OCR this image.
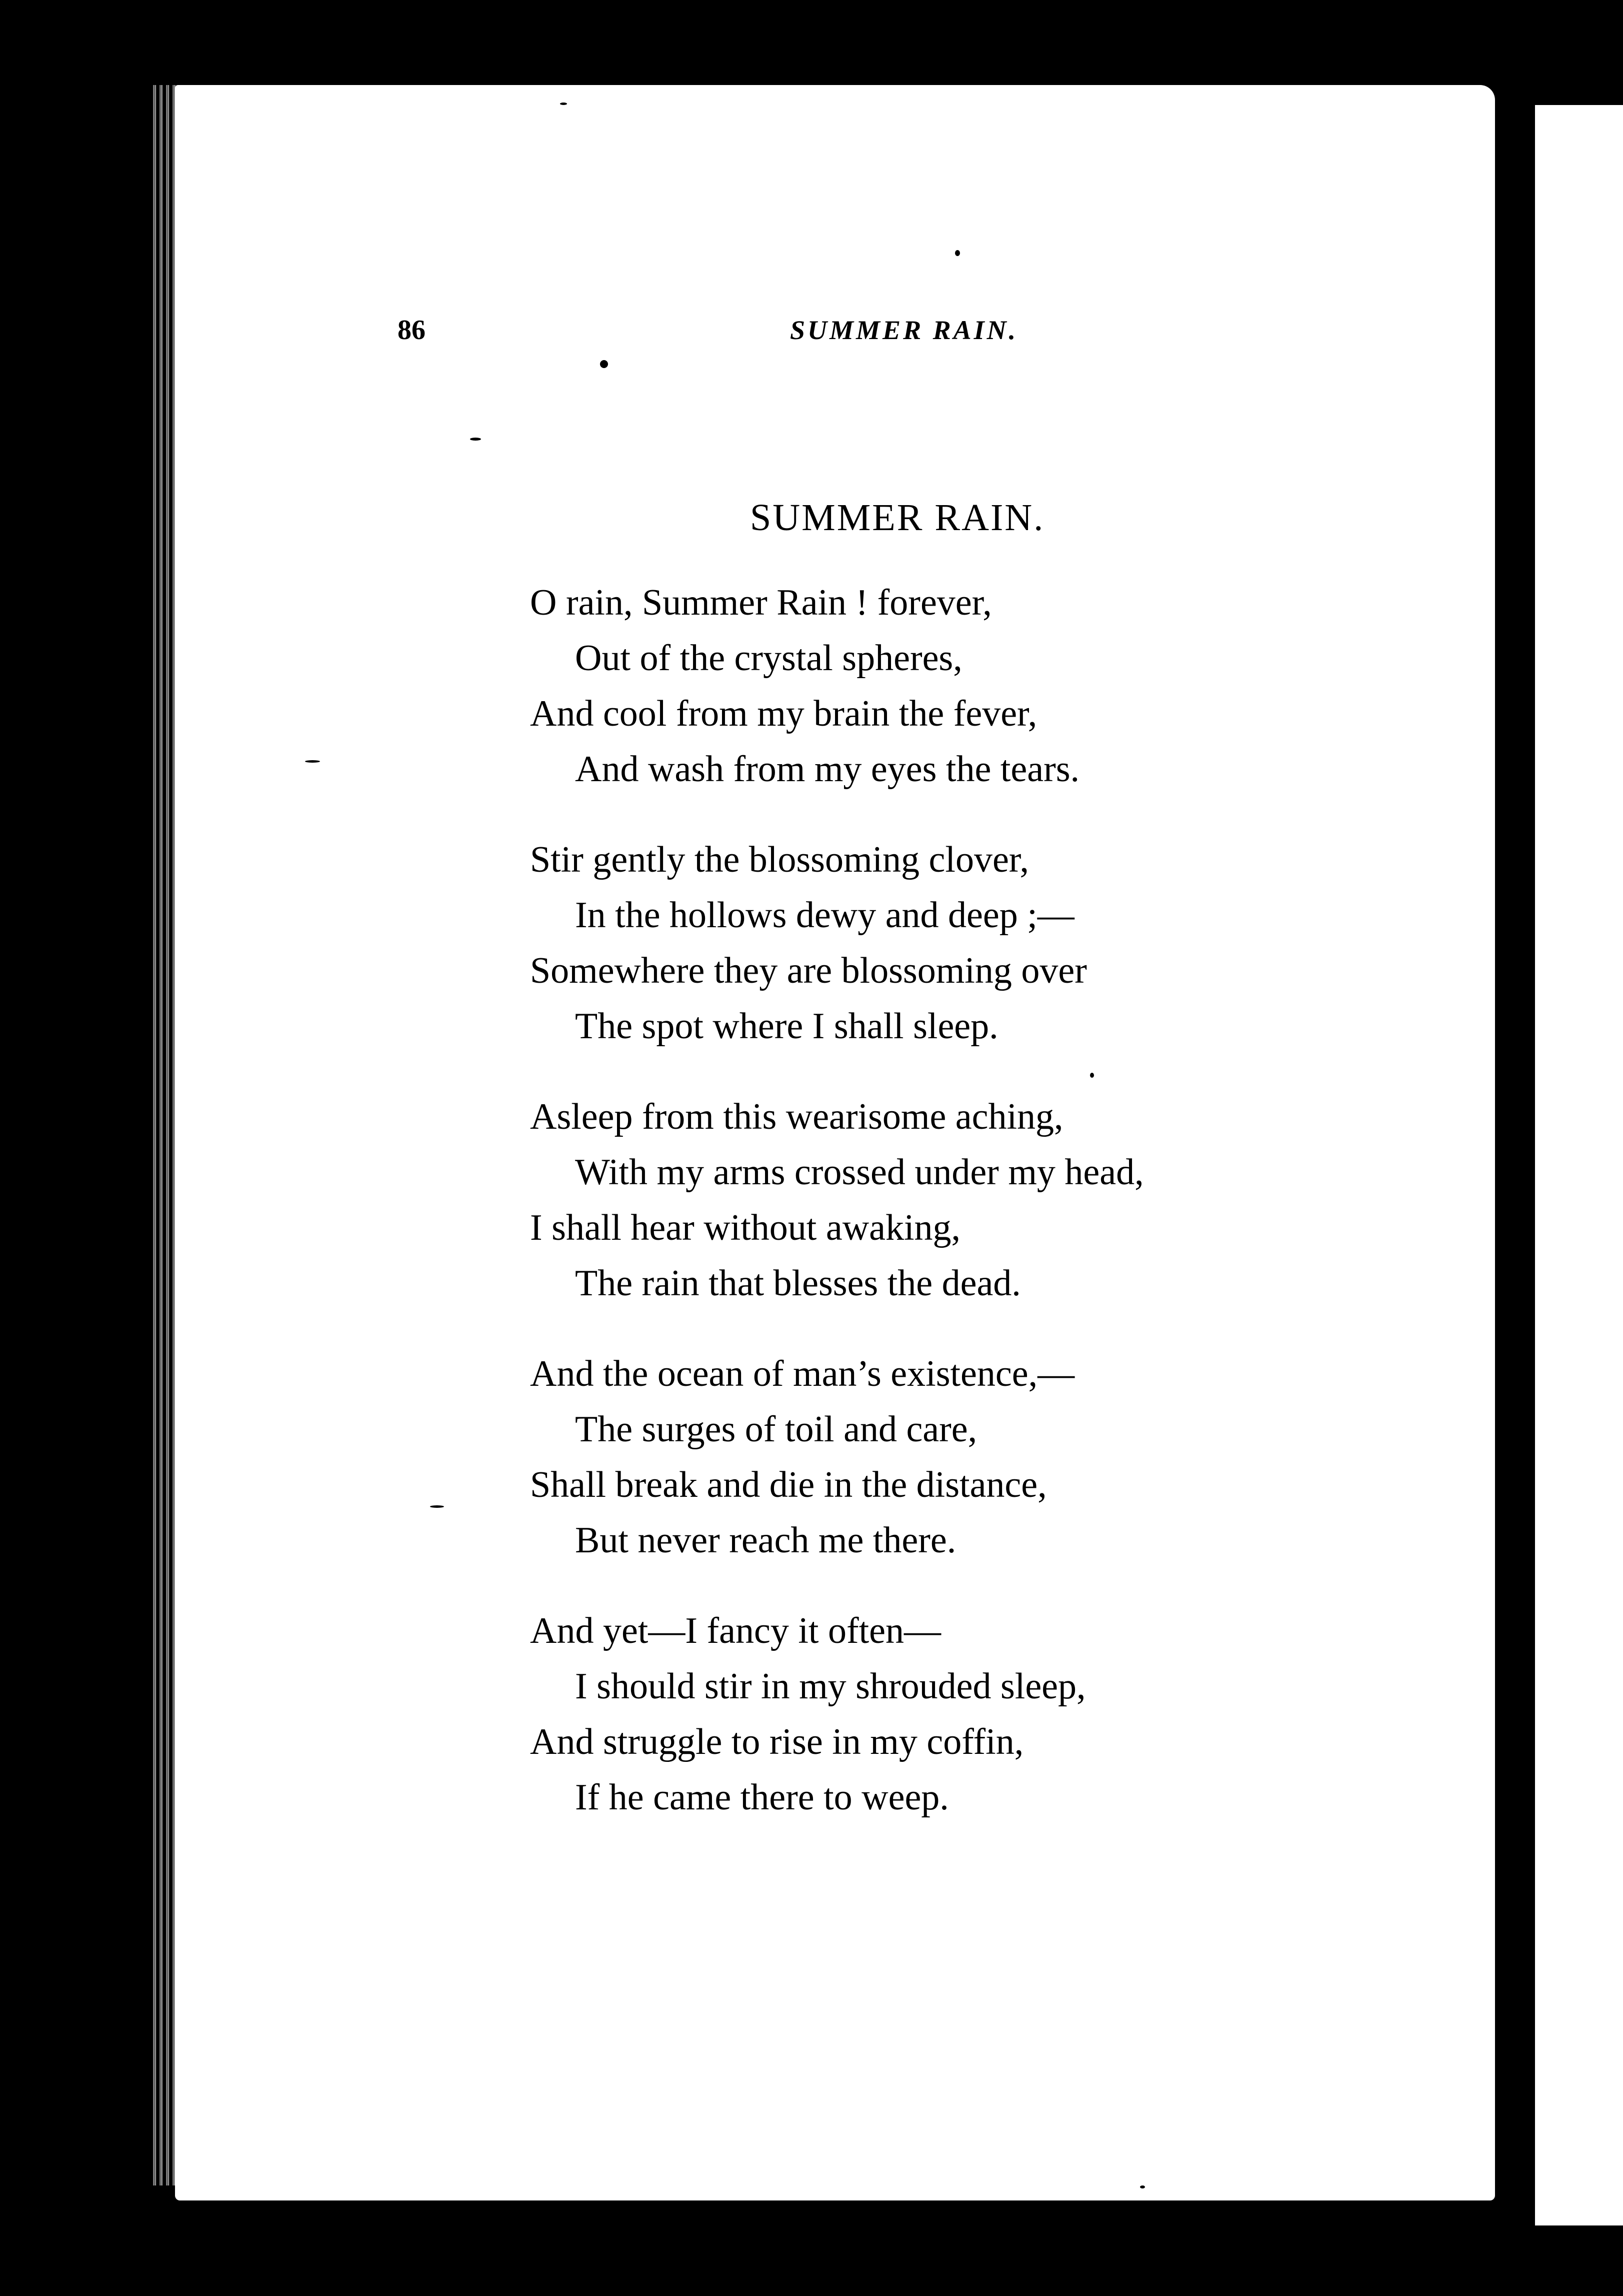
86	SUMMER RAIN.
SUMMER RAIN.
O rain, Summer Rain ! forever,
Out of the crystal spheres,
And cool from my brain the fever,
And wash from my eyes the tears.
Stir gently the blossoming clover,
In the hollows dewy and deep ;—
Somewhere they are blossoming over
The spot where I shall sleep.
Asleep from this wearisome aching,
With my arms crossed under my head,
I shall hear without awaking,
The rain that blesses the dead.
And the ocean of man’s existence,—
The surges of toil and care,
Shall break and die in the distance,
But never reach me there.
And yet—I fancy it often—
I should stir in my shrouded sleep,
And struggle to rise in my coffin,
If he came there to weep.
